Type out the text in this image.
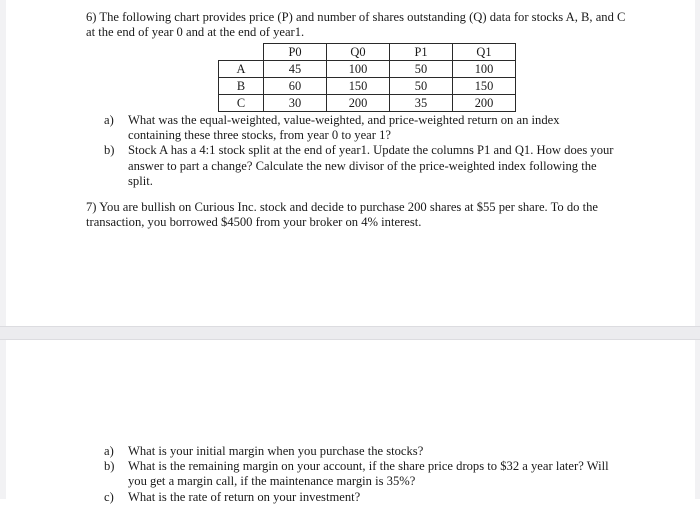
6) The following chart provides price (P) and number of shares outstanding (Q) data for stocks A, B, and C at the end of year 0 and at the end of year1.
	P0	Q0	P1	Q1
A	45	100	50	100
B	60	150	50	150
C	30	200	35	200
a)	What was the equal-weighted, value-weighted, and price-weighted return on an index containing these three stocks, from year 0 to year 1?
b)	Stock A has a 4:1 stock split at the end of year1. Update the columns P1 and Q1. How does your answer to part a change? Calculate the new divisor of the price-weighted index following the split.
7) You are bullish on Curious Inc. stock and decide to purchase 200 shares at $55 per share. To do the transaction, you borrowed $4500 from your broker on 4% interest.
a)	What is your initial margin when you purchase the stocks?
b)	What is the remaining margin on your account, if the share price drops to $32 a year later? Will you get a margin call, if the maintenance margin is 35%?
c)	What is the rate of return on your investment?
